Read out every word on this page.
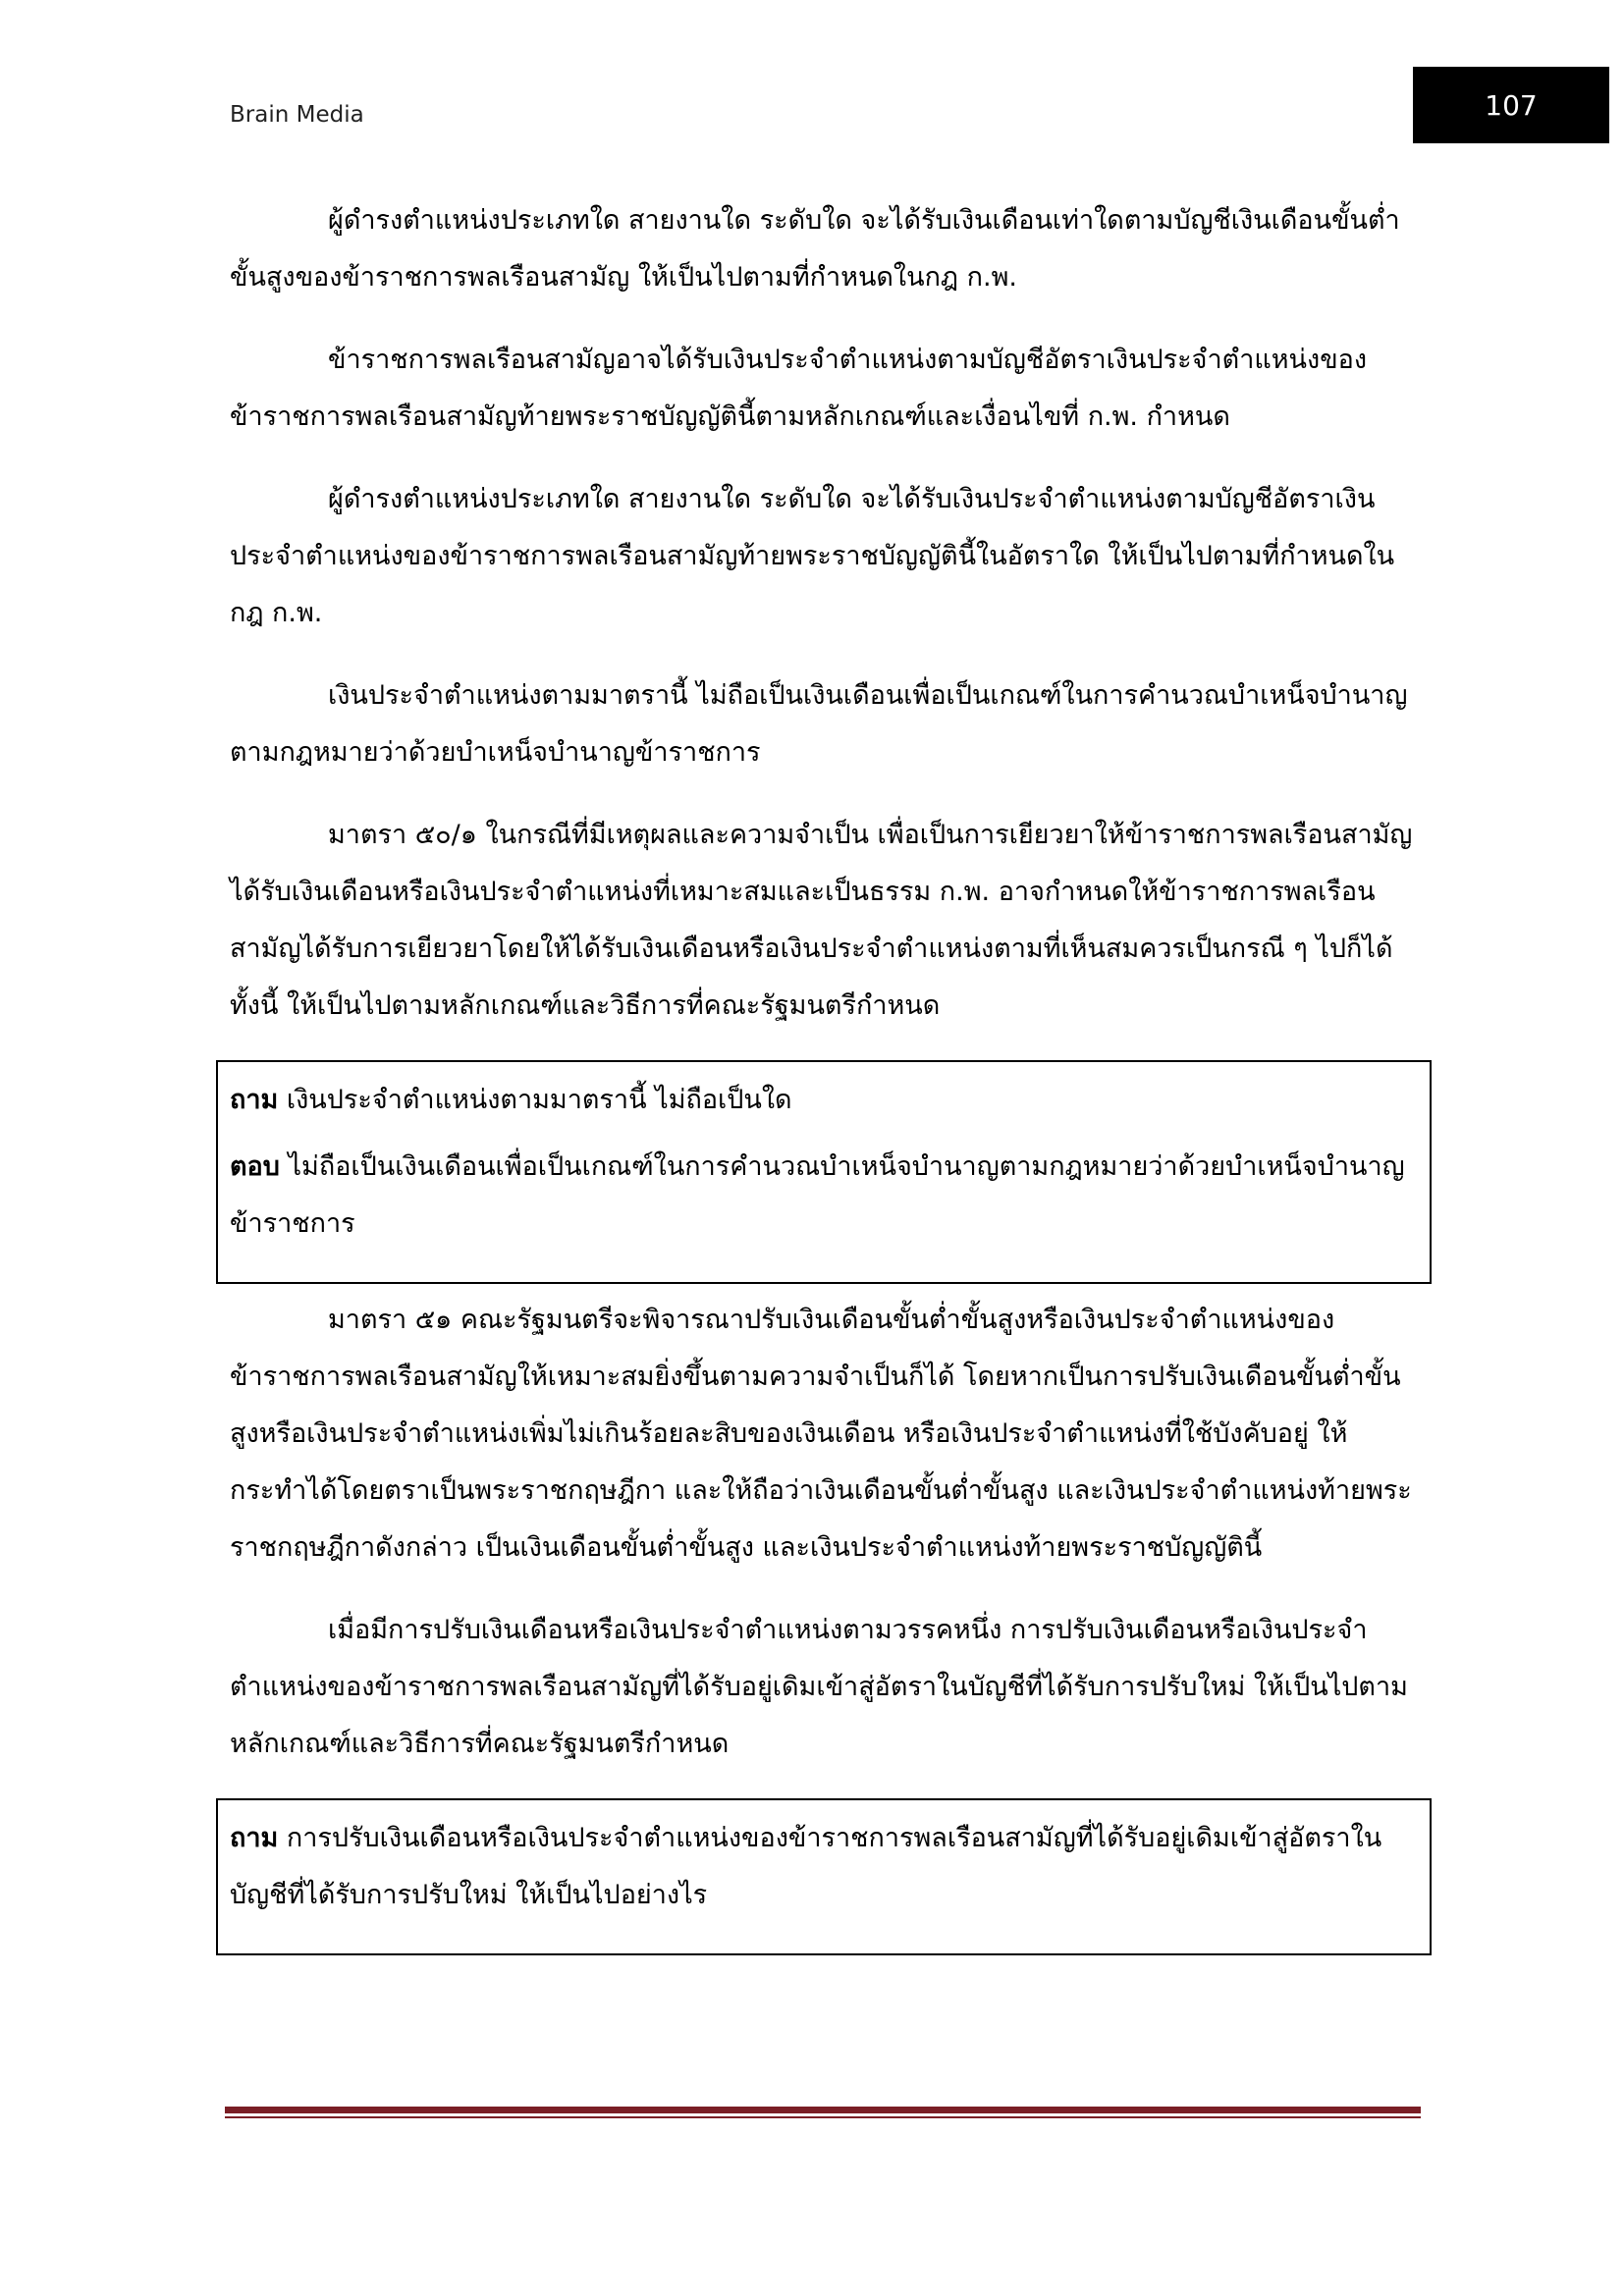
Brain Media	107

ผู้ดำรงตำแหน่งประเภทใด สายงานใด ระดับใด จะได้รับเงินเดือนเท่าใดตามบัญชีเงินเดือนขั้นต่ำขั้นสูงของข้าราชการพลเรือนสามัญ ให้เป็นไปตามที่กำหนดในกฎ ก.พ.

ข้าราชการพลเรือนสามัญอาจได้รับเงินประจำตำแหน่งตามบัญชีอัตราเงินประจำตำแหน่งของข้าราชการพลเรือนสามัญท้ายพระราชบัญญัตินี้ตามหลักเกณฑ์และเงื่อนไขที่ ก.พ. กำหนด

ผู้ดำรงตำแหน่งประเภทใด สายงานใด ระดับใด จะได้รับเงินประจำตำแหน่งตามบัญชีอัตราเงินประจำตำแหน่งของข้าราชการพลเรือนสามัญท้ายพระราชบัญญัตินี้ในอัตราใด ให้เป็นไปตามที่กำหนดในกฎ ก.พ.

เงินประจำตำแหน่งตามมาตรานี้ ไม่ถือเป็นเงินเดือนเพื่อเป็นเกณฑ์ในการคำนวณบำเหน็จบำนาญตามกฎหมายว่าด้วยบำเหน็จบำนาญข้าราชการ

มาตรา ๕๐/๑ ในกรณีที่มีเหตุผลและความจำเป็น เพื่อเป็นการเยียวยาให้ข้าราชการพลเรือนสามัญได้รับเงินเดือนหรือเงินประจำตำแหน่งที่เหมาะสมและเป็นธรรม ก.พ. อาจกำหนดให้ข้าราชการพลเรือนสามัญได้รับการเยียวยาโดยให้ได้รับเงินเดือนหรือเงินประจำตำแหน่งตามที่เห็นสมควรเป็นกรณี ๆ ไปก็ได้ ทั้งนี้ ให้เป็นไปตามหลักเกณฑ์และวิธีการที่คณะรัฐมนตรีกำหนด

ถาม เงินประจำตำแหน่งตามมาตรานี้ ไม่ถือเป็นใด

ตอบ ไม่ถือเป็นเงินเดือนเพื่อเป็นเกณฑ์ในการคำนวณบำเหน็จบำนาญตามกฎหมายว่าด้วยบำเหน็จบำนาญข้าราชการ

มาตรา ๕๑ คณะรัฐมนตรีจะพิจารณาปรับเงินเดือนขั้นต่ำขั้นสูงหรือเงินประจำตำแหน่งของข้าราชการพลเรือนสามัญให้เหมาะสมยิ่งขึ้นตามความจำเป็นก็ได้ โดยหากเป็นการปรับเงินเดือนขั้นต่ำขั้นสูงหรือเงินประจำตำแหน่งเพิ่มไม่เกินร้อยละสิบของเงินเดือน หรือเงินประจำตำแหน่งที่ใช้บังคับอยู่ ให้กระทำได้โดยตราเป็นพระราชกฤษฎีกา และให้ถือว่าเงินเดือนขั้นต่ำขั้นสูง และเงินประจำตำแหน่งท้ายพระราชกฤษฎีกาดังกล่าว เป็นเงินเดือนขั้นต่ำขั้นสูง และเงินประจำตำแหน่งท้ายพระราชบัญญัตินี้

เมื่อมีการปรับเงินเดือนหรือเงินประจำตำแหน่งตามวรรคหนึ่ง การปรับเงินเดือนหรือเงินประจำตำแหน่งของข้าราชการพลเรือนสามัญที่ได้รับอยู่เดิมเข้าสู่อัตราในบัญชีที่ได้รับการปรับใหม่ ให้เป็นไปตามหลักเกณฑ์และวิธีการที่คณะรัฐมนตรีกำหนด

ถาม การปรับเงินเดือนหรือเงินประจำตำแหน่งของข้าราชการพลเรือนสามัญที่ได้รับอยู่เดิมเข้าสู่อัตราในบัญชีที่ได้รับการปรับใหม่ ให้เป็นไปอย่างไร
